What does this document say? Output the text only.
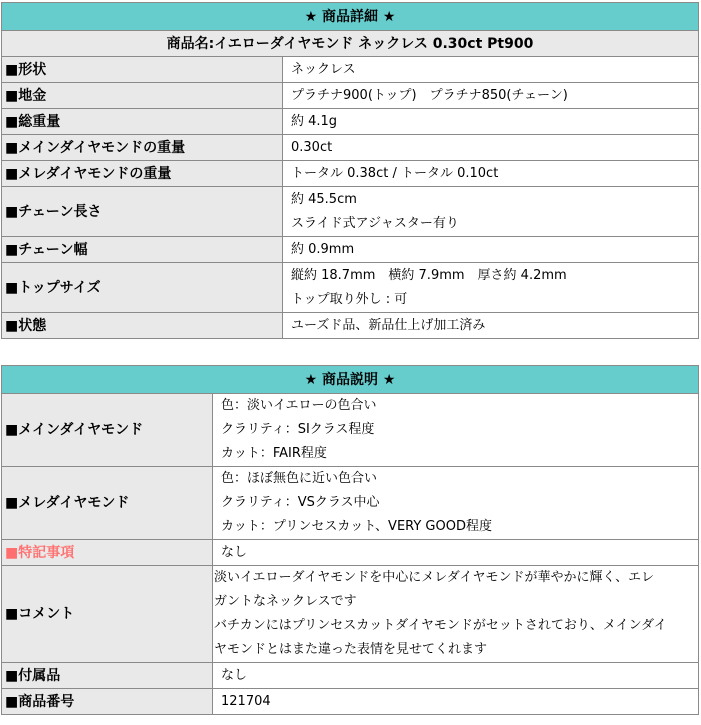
★ 商品詳細 ★	
商品名:イエローダイヤモンド ネックレス 0.30ct Pt900	
■形状	ネックレス
■地金	プラチナ900(トップ)　プラチナ850(チェーン)
■総重量	約 4.1g
■メインダイヤモンドの重量	0.30ct
■メレダイヤモンドの重量	トータル 0.38ct / トータル 0.10ct
■チェーン長さ	約 45.5cm
スライド式アジャスター有り

■チェーン幅	約 0.9mm
■トップサイズ	縦約 18.7mm　横約 7.9mm　厚さ約 4.2mm
トップ取り外し : 可

■状態	ユーズド品、新品仕上げ加工済み
★ 商品説明 ★	
■メインダイヤモンド	色：淡いイエローの色合い
クラリティ：SIクラス程度
カット：FAIR程度

■メレダイヤモンド	色：ほぼ無色に近い色合い
クラリティ：VSクラス中心
カット：プリンセスカット、VERY GOOD程度

■特記事項	なし
■コメント	淡いイエローダイヤモンドを中心にメレダイヤモンドが華やかに輝く、エレ
ガントなネックレスです
バチカンにはプリンセスカットダイヤモンドがセットされており、メインダイ
ヤモンドとはまた違った表情を見せてくれます

■付属品	なし
■商品番号	121704
